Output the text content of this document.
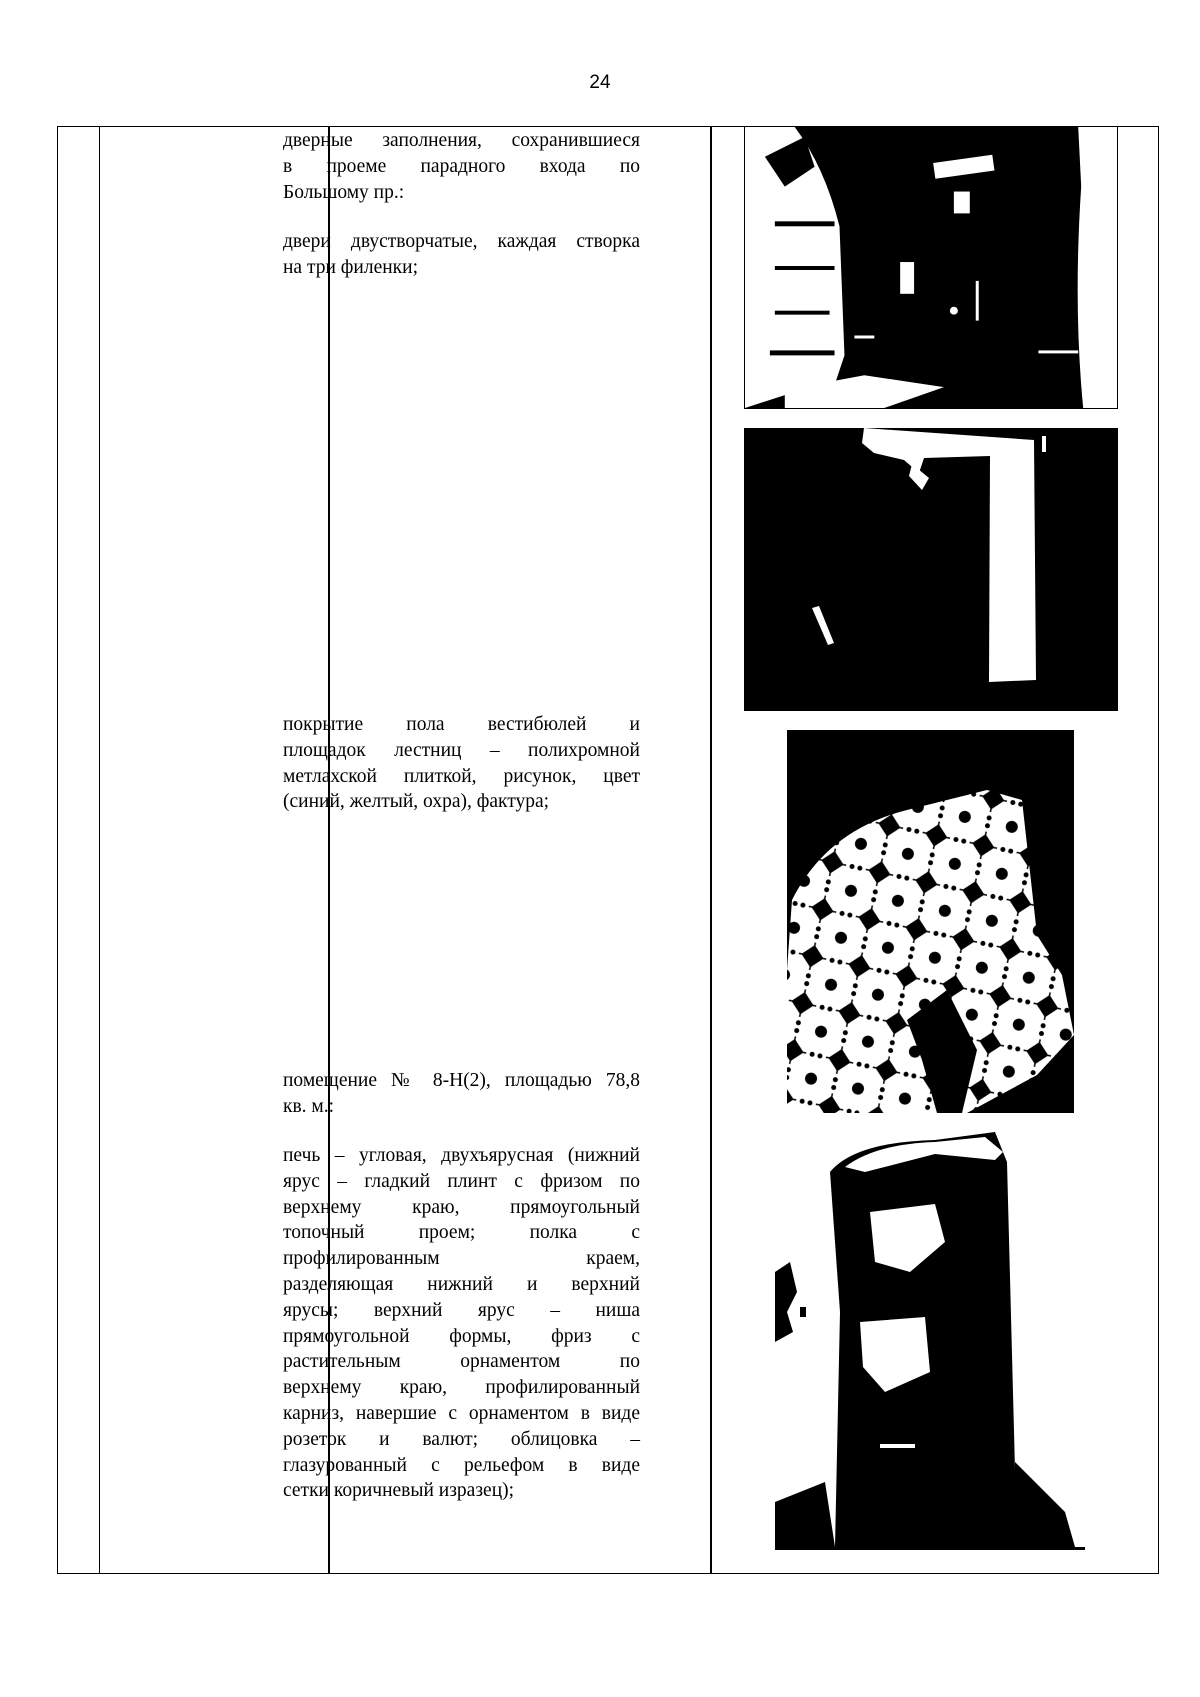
24

дверные заполнения, сохранившиеся

в проеме парадного входа по

Большому пр.:

двери двустворчатые, каждая створка

на три филенки;

покрытие пола вестибюлей и

площадок лестниц – полихромной

метлахской плиткой, рисунок, цвет

(синий, желтый, охра), фактура;

помещение № 8-Н(2), площадью 78,8

кв. м.:

печь – угловая, двухъярусная (нижний

ярус – гладкий плинт с фризом по

верхнему краю, прямоугольный

топочный проем; полка с

профилированным краем,

разделяющая нижний и верхний

ярусы; верхний ярус – ниша

прямоугольной формы, фриз с

растительным орнаментом по

верхнему краю, профилированный

карниз, навершие с орнаментом в виде

розеток и валют; облицовка –

глазурованный с рельефом в виде

сетки коричневый изразец);
